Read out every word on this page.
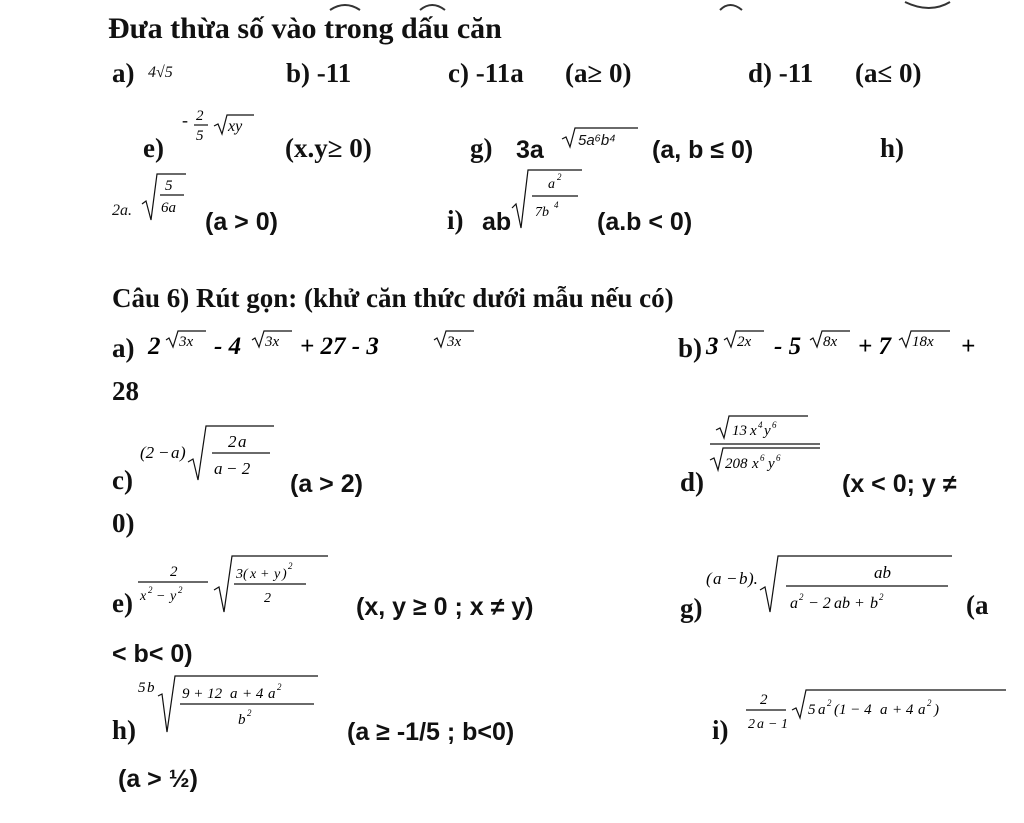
Đưa thừa số vào trong dấu căn
a) 4√5	b) -11	c) -11a (a≥ 0)	d) -11 (a≤ 0)
e)
- 2
5
xy
(x.y≥ 0)	g) 3a 5a⁶b⁴ (a, b ≤ 0)	h)
2a.
5
6a (a > 0)	i) ab
a 2
7b 4
(a.b < 0)
Câu 6) Rút gọn: (khử căn thức dưới mẫu nếu có)
a) 2 3x - 4 3x + 27 - 3	3x	b) 3 2x - 5 8x + 7 18x +
28
c)
(2 − a )
2 a
a − 2
(a > 2)	d)
13 x 4 y 6
208 x 6 y 6
(x < 0; y ≠
0)
e)
2
x 2 − y 2
3( x + y )
2
2	(x, y ≥ 0 ; x ≠ y)	g)
( a − b ).	ab
a 2 − 2 ab + b 2	(a
< b< 0)
h)
5 b 9 + 12 a + 4 a 2
b 2
(a ≥ -1/5 ; b<0)	i)
2
2 a − 1
5 a 2 (1 − 4 a + 4 a 2 )
(a > ½)
